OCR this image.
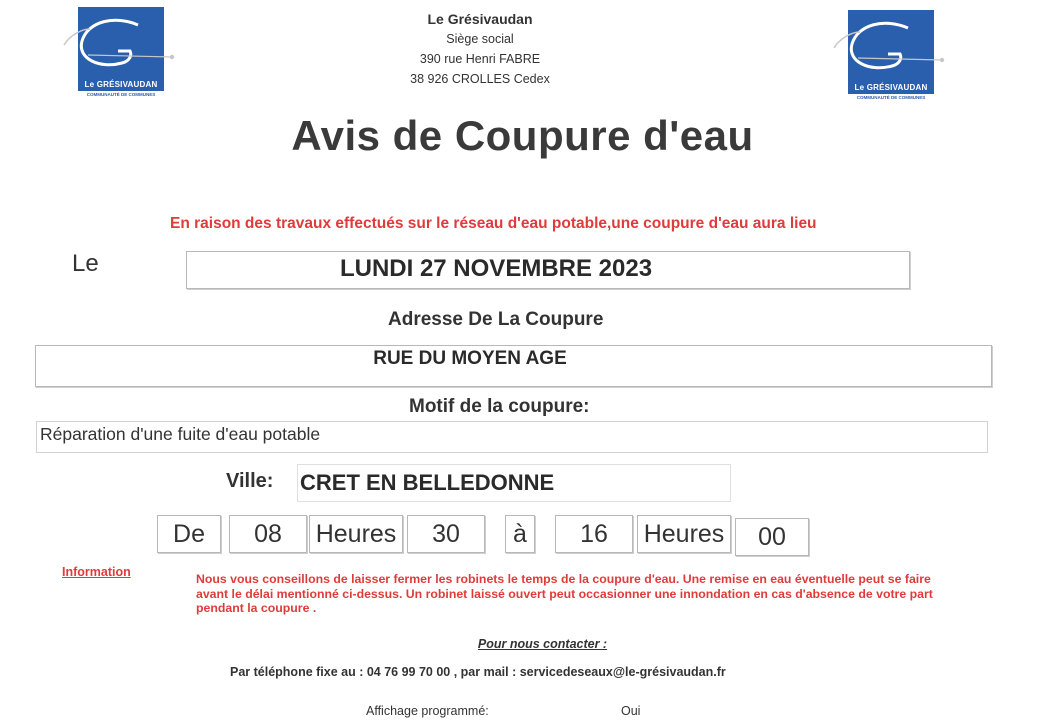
Le GRÉSIVAUDAN
COMMUNAUTÉ DE COMMUNES
Le GRÉSIVAUDAN
COMMUNAUTÉ DE COMMUNES
Le Grésivaudan
Siège social
390 rue Henri FABRE
38 926 CROLLES Cedex
Avis de Coupure d'eau
En raison des travaux effectués sur le réseau d'eau potable,une coupure d'eau aura lieu
Le	LUNDI 27 NOVEMBRE 2023
Adresse De La Coupure
RUE DU MOYEN AGE
Motif de la coupure:
Réparation d'une fuite d'eau potable
Ville: CRET EN BELLEDONNE
De	08	Heures	30	à	16	Heures	00
Information	Nous vous conseillons de laisser fermer les robinets le temps de la coupure d'eau. Une remise en eau éventuelle peut se faire avant le délai mentionné ci-dessus. Un robinet laissé ouvert peut occasionner une innondation en cas d'absence de votre part pendant la coupure .
Pour nous contacter :
Par téléphone fixe au : 04 76 99 70 00 , par mail : servicedeseaux@le-grésivaudan.fr
Affichage programmé:	Oui
